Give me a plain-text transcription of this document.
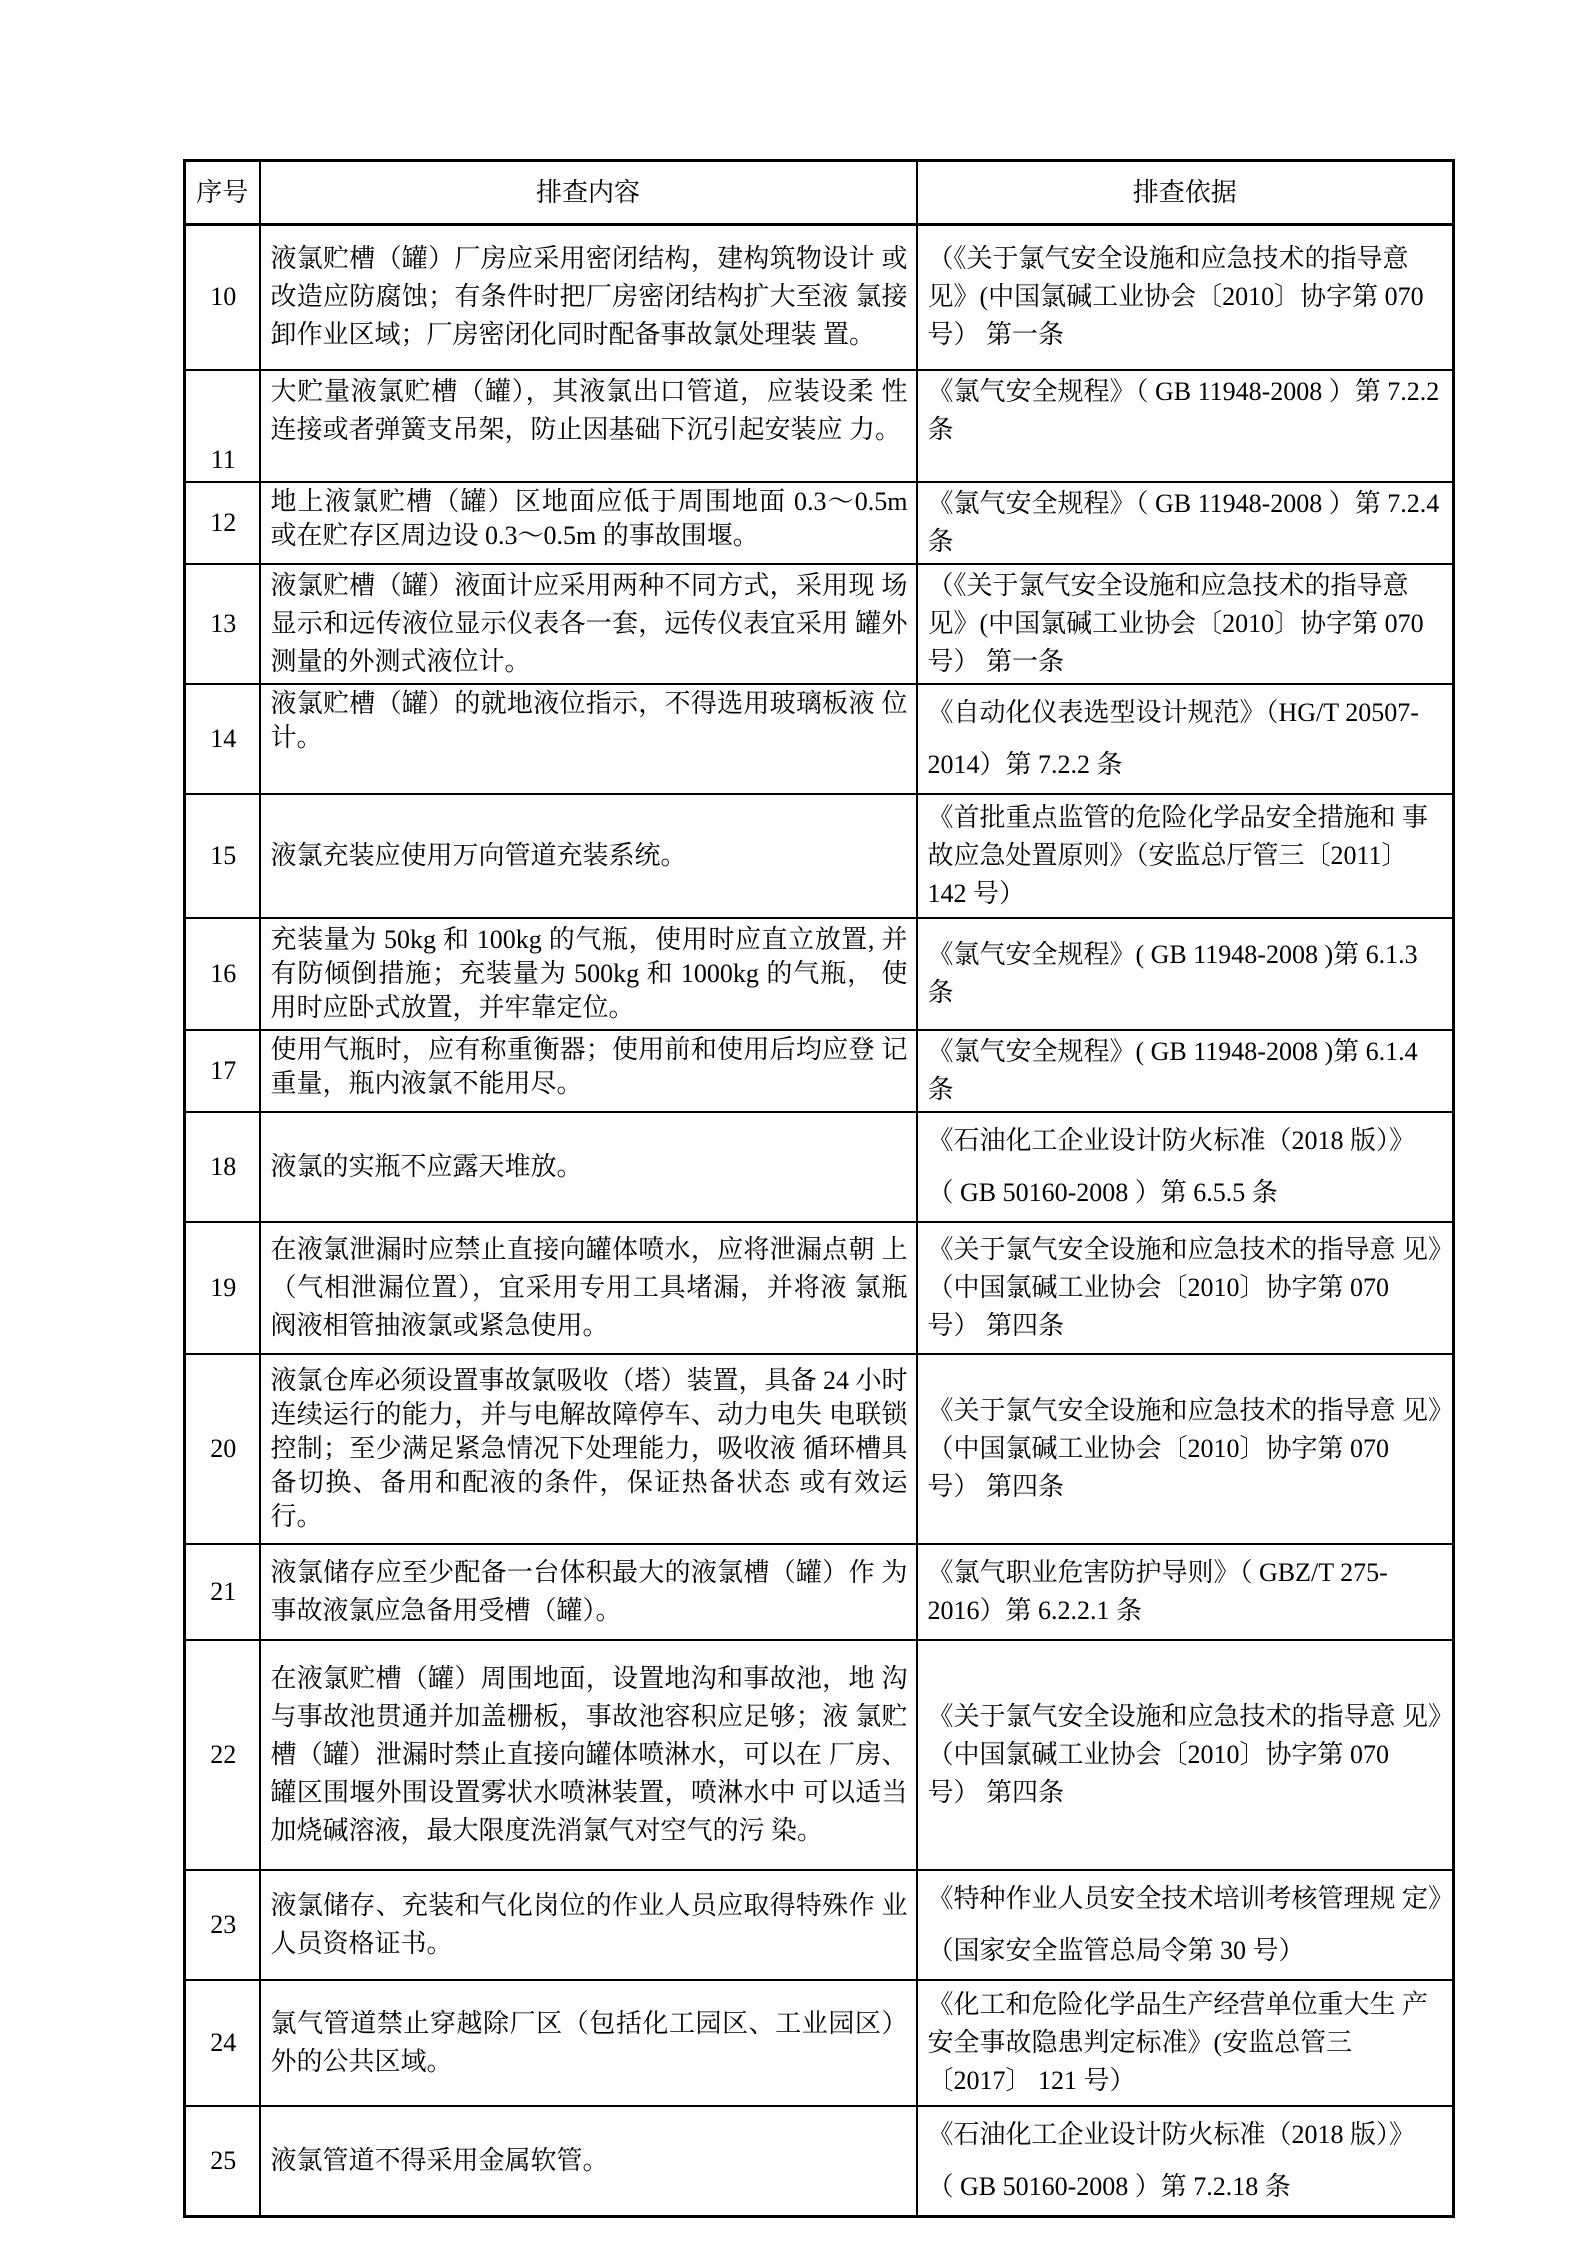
序号	排查内容	排查依据
10	液氯贮槽（罐）厂房应采用密闭结构，建构筑物设计 或改造应防腐蚀；有条件时把厂房密闭结构扩大至液 氯接卸作业区域；厂房密闭化同时配备事故氯处理装 置。	（《关于氯气安全设施和应急技术的指导意 见》(中国氯碱工业协会〔2010〕协字第 070 号） 第一条
11	大贮量液氯贮槽（罐），其液氯出口管道，应装设柔 性连接或者弹簧支吊架，防止因基础下沉引起安装应 力。	《氯气安全规程》（ GB 11948-2008 ）第 7.2.2 条
12	地上液氯贮槽（罐）区地面应低于周围地面 0.3～0.5m 或在贮存区周边设 0.3～0.5m 的事故围堰。	《氯气安全规程》（ GB 11948-2008 ）第 7.2.4 条
13	液氯贮槽（罐）液面计应采用两种不同方式，采用现 场显示和远传液位显示仪表各一套，远传仪表宜采用 罐外测量的外测式液位计。	（《关于氯气安全设施和应急技术的指导意 见》(中国氯碱工业协会〔2010〕协字第 070 号） 第一条
14	液氯贮槽（罐）的就地液位指示，不得选用玻璃板液 位计。	《自动化仪表选型设计规范》（HG/T 20507-2014）第 7.2.2 条
15	液氯充装应使用万向管道充装系统。	《首批重点监管的危险化学品安全措施和 事故应急处置原则》（安监总厅管三〔2011〕 142 号）
16	充装量为 50kg 和 100kg 的气瓶，使用时应直立放置, 并有防倾倒措施；充装量为 500kg 和 1000kg 的气瓶， 使用时应卧式放置，并牢靠定位。	《氯气安全规程》( GB 11948-2008 )第 6.1.3 条
17	使用气瓶时，应有称重衡器；使用前和使用后均应登 记重量，瓶内液氯不能用尽。	《氯气安全规程》( GB 11948-2008 )第 6.1.4 条
18	液氯的实瓶不应露天堆放。	《石油化工企业设计防火标准（2018 版）》 （ GB 50160-2008 ）第 6.5.5 条
19	在液氯泄漏时应禁止直接向罐体喷水，应将泄漏点朝 上（气相泄漏位置），宜采用专用工具堵漏，并将液 氯瓶阀液相管抽液氯或紧急使用。	《关于氯气安全设施和应急技术的指导意 见》（中国氯碱工业协会〔2010〕协字第 070 号） 第四条
20	液氯仓库必须设置事故氯吸收（塔）装置，具备 24 小时连续运行的能力，并与电解故障停车、动力电失 电联锁控制；至少满足紧急情况下处理能力，吸收液 循环槽具备切换、备用和配液的条件，保证热备状态 或有效运行。	《关于氯气安全设施和应急技术的指导意 见》（中国氯碱工业协会〔2010〕协字第 070 号） 第四条
21	液氯储存应至少配备一台体积最大的液氯槽（罐）作 为事故液氯应急备用受槽（罐）。	《氯气职业危害防护导则》（ GBZ/T 275-2016）第 6.2.2.1 条
22	在液氯贮槽（罐）周围地面，设置地沟和事故池，地 沟与事故池贯通并加盖栅板，事故池容积应足够；液 氯贮槽（罐）泄漏时禁止直接向罐体喷淋水，可以在 厂房、罐区围堰外围设置雾状水喷淋装置，喷淋水中 可以适当加烧碱溶液，最大限度洗消氯气对空气的污 染。	《关于氯气安全设施和应急技术的指导意 见》（中国氯碱工业协会〔2010〕协字第 070 号） 第四条
23	液氯储存、充装和气化岗位的作业人员应取得特殊作 业人员资格证书。	《特种作业人员安全技术培训考核管理规 定》（国家安全监管总局令第 30 号）
24	氯气管道禁止穿越除厂区（包括化工园区、工业园区） 外的公共区域。	《化工和危险化学品生产经营单位重大生 产安全事故隐患判定标准》(安监总管三〔2017〕 121 号）
25	液氯管道不得采用金属软管。	《石油化工企业设计防火标准（2018 版）》 （ GB 50160-2008 ）第 7.2.18 条
